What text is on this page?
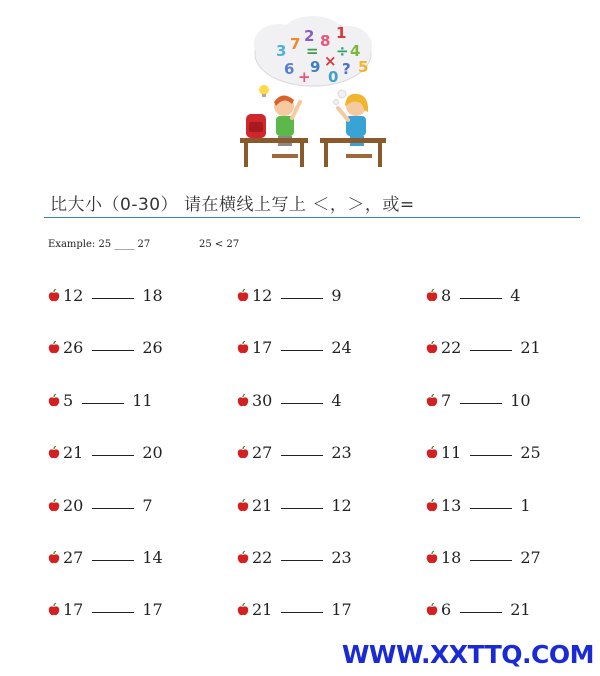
3 7 2 8 1
= ÷ 4
6 9 × ? 5
+ 0
比大小（0-30） 请在横线上写上 ＜，＞，或=
Example: 25 ____ 27	25 < 27
12	18	12	9	8	4
26	26	17	24	22	21
5	11	30	4	7	10
21	20	27	23	11	25
20	7	21	12	13	1
27	14	22	23	18	27
17	17	21	17	6	21
WWW.XXTTQ.COM
